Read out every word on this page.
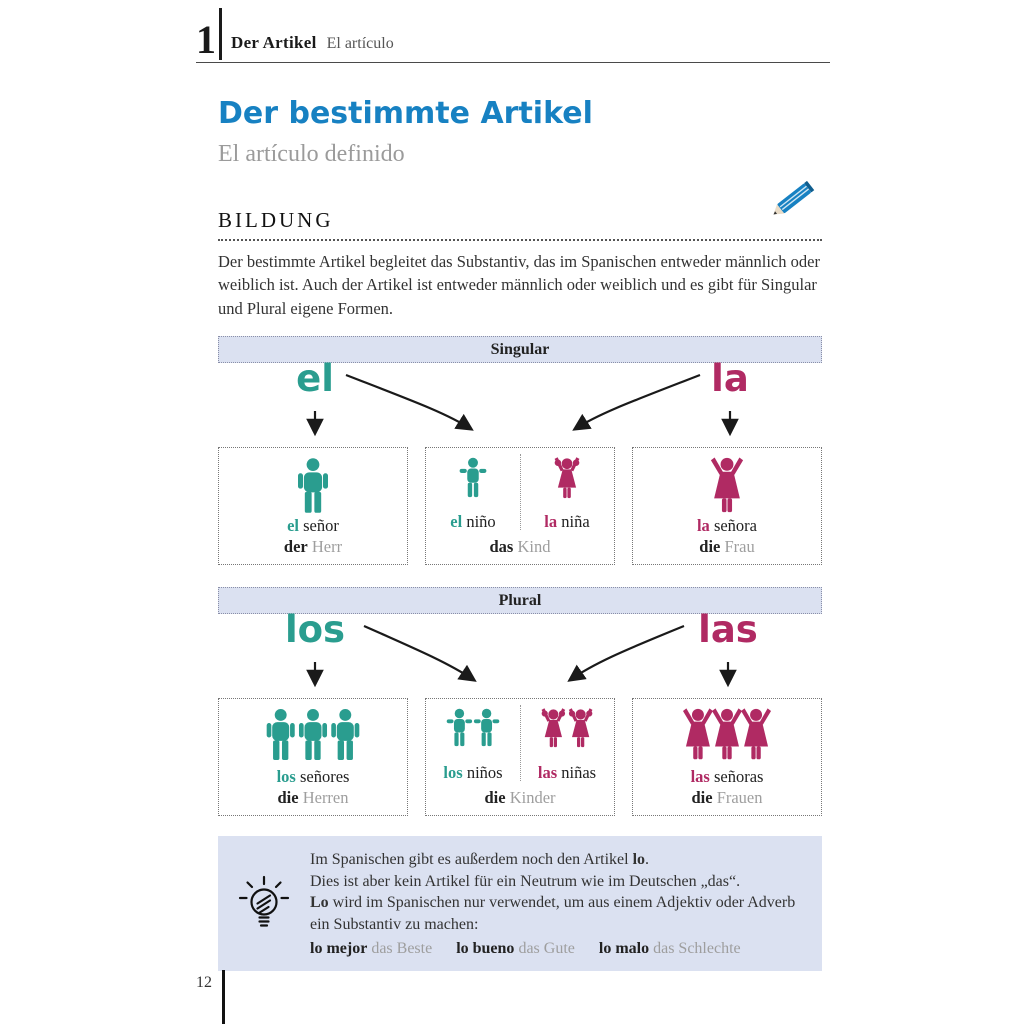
1 Der Artikel El artículo
Der bestimmte Artikel
El artículo definido
BILDUNG

Der bestimmte Artikel begleitet das Substantiv, das im Spanischen entweder männlich oder weiblich ist. Auch der Artikel ist entweder männlich oder weiblich und es gibt für Singular und Plural eigene Formen.

Singular
el	la
el señor
der Herr
el niño	la niña
das Kind
la señora
die Frau
Plural
los	las
los señores
die Herren
los niños las niñas
die Kinder
las señoras
die Frauen

Im Spanischen gibt es außerdem noch den Artikel lo.

Dies ist aber kein Artikel für ein Neutrum wie im Deutschen „das“.

Lo wird im Spanischen nur verwendet, um aus einem Adjektiv oder Adverb ein Substantiv zu machen:

lo mejor das Beste lo bueno das Gute lo malo das Schlechte
12
